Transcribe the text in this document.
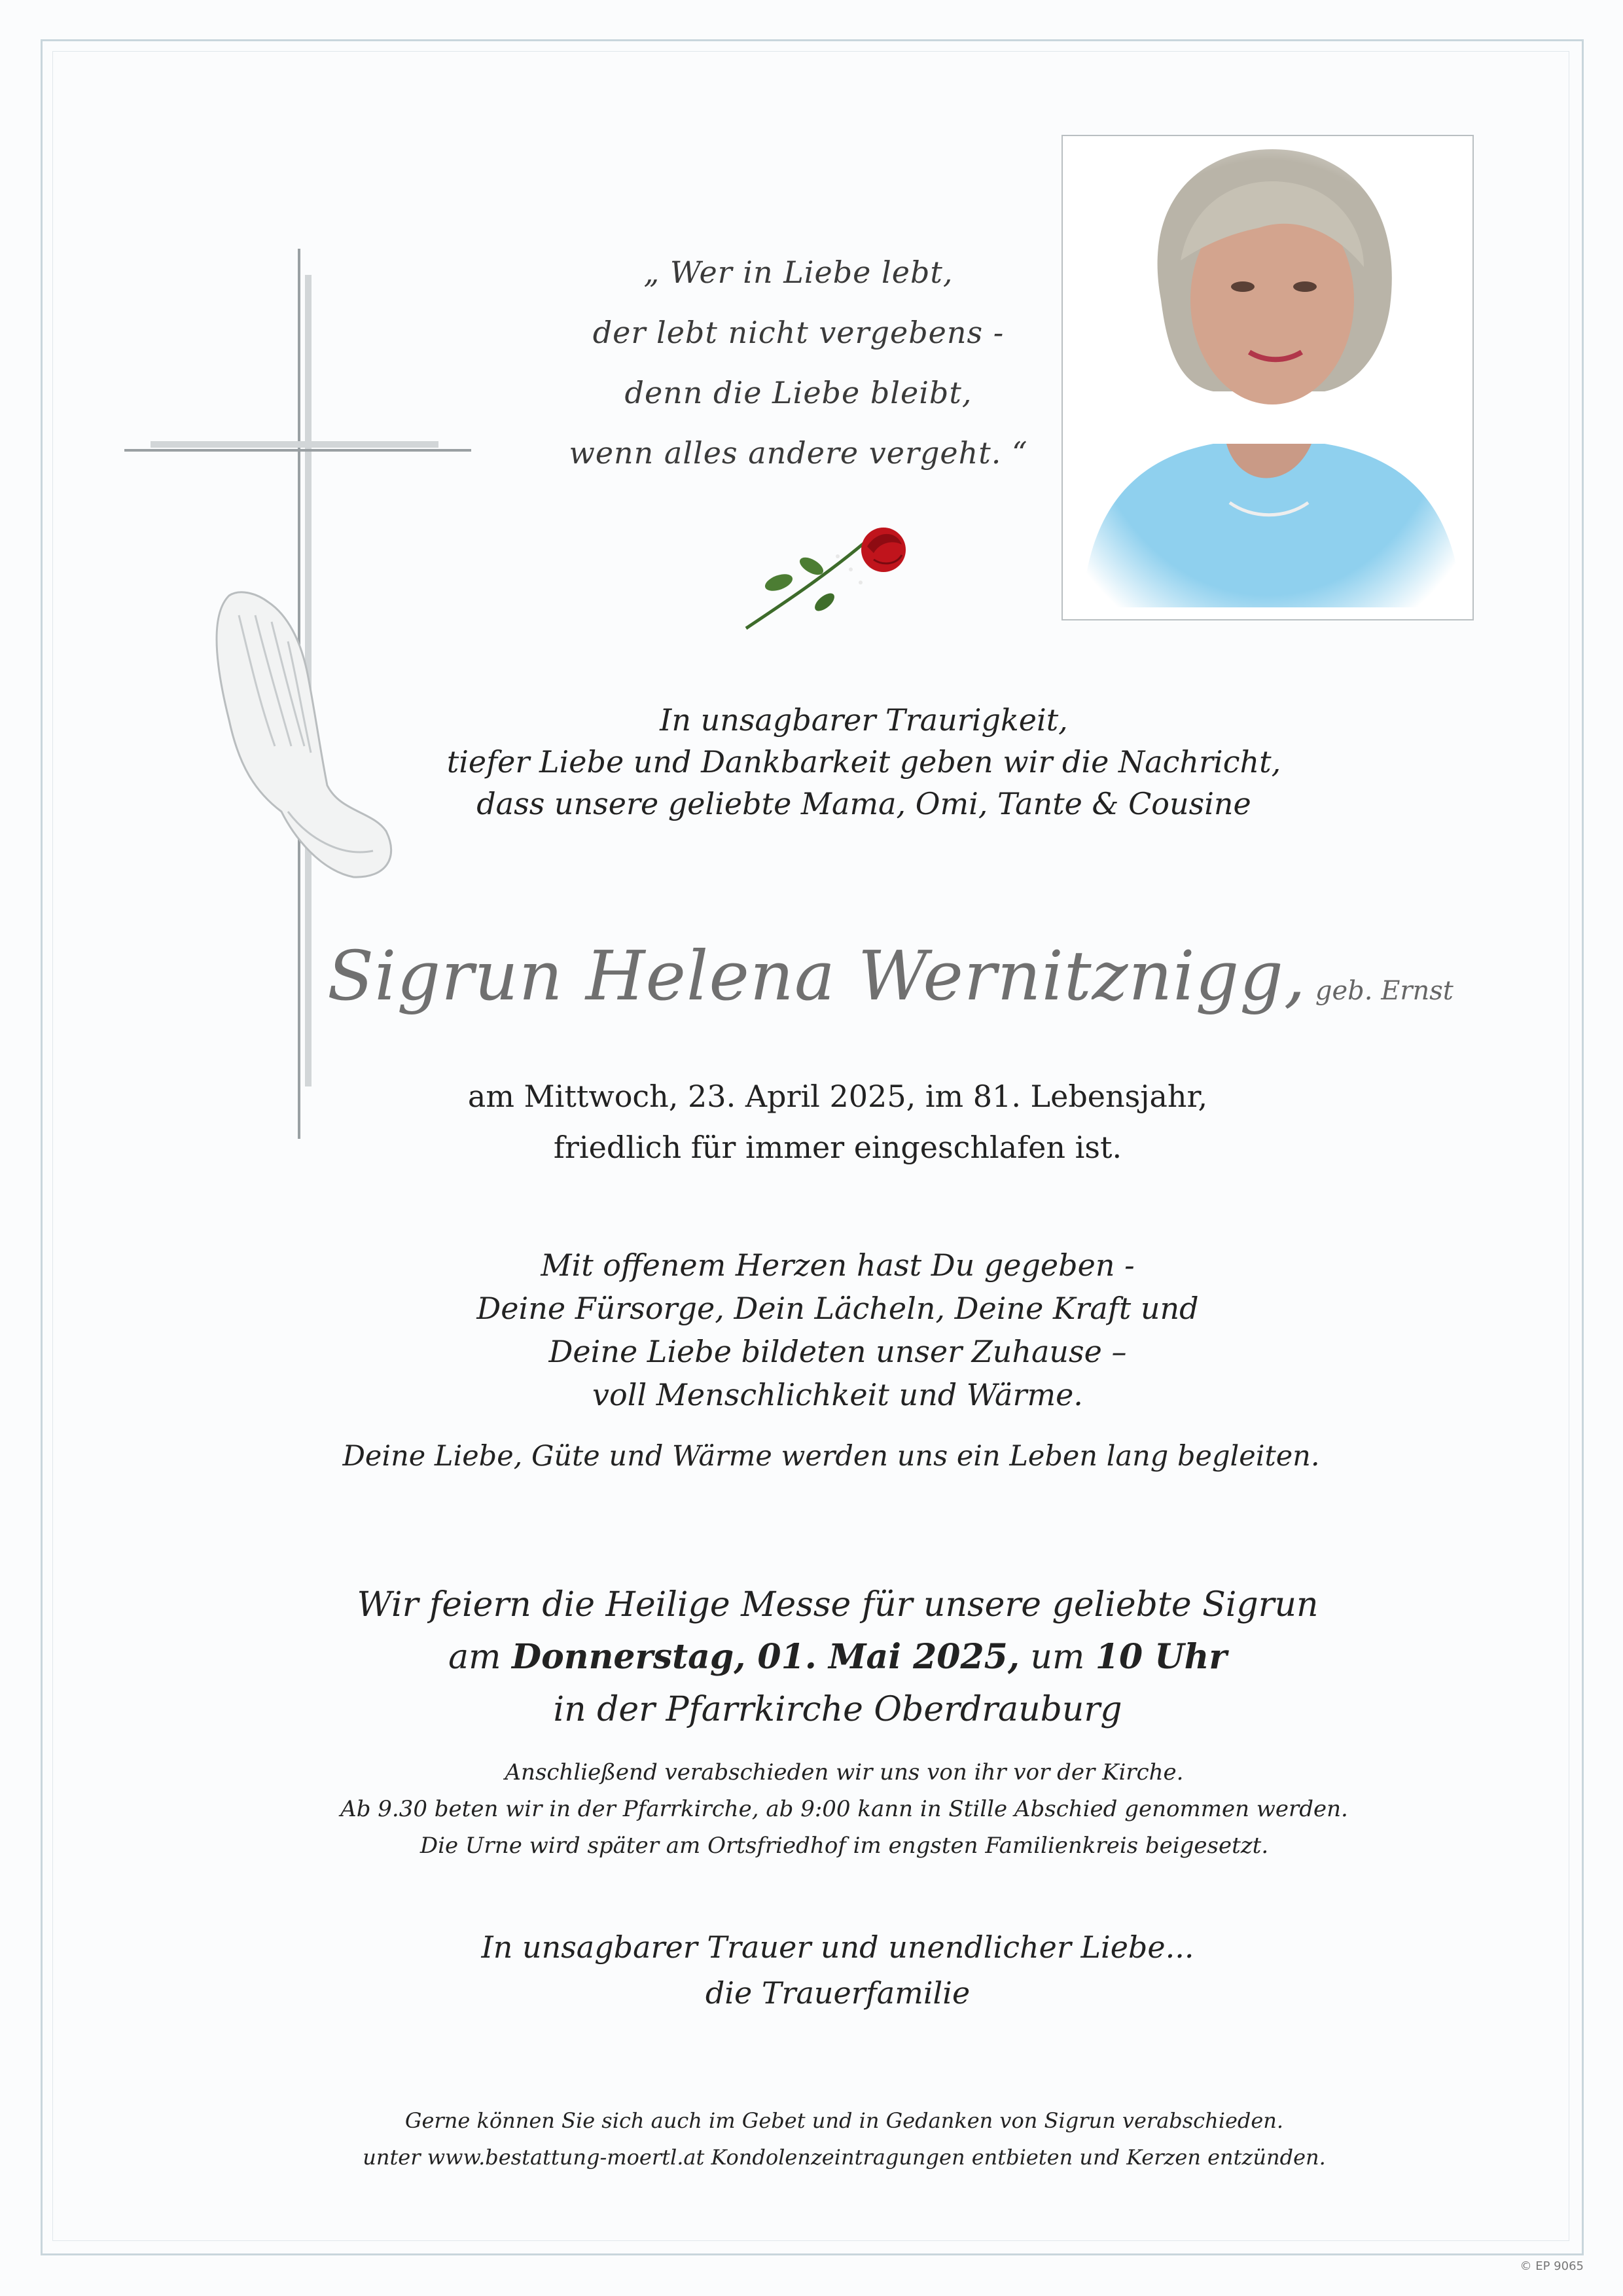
„ Wer in Liebe lebt,
der lebt nicht vergebens -
denn die Liebe bleibt,
wenn alles andere vergeht. “
In unsagbarer Traurigkeit,
tiefer Liebe und Dankbarkeit geben wir die Nachricht,
dass unsere geliebte Mama, Omi, Tante & Cousine
Sigrun Helena Wernitznigg, geb. Ernst
am Mittwoch, 23. April 2025, im 81. Lebensjahr,
friedlich für immer eingeschlafen ist.
Mit offenem Herzen hast Du gegeben -
Deine Fürsorge, Dein Lächeln, Deine Kraft und
Deine Liebe bildeten unser Zuhause –
voll Menschlichkeit und Wärme.
Deine Liebe, Güte und Wärme werden uns ein Leben lang begleiten.
Wir feiern die Heilige Messe für unsere geliebte Sigrun
am Donnerstag, 01. Mai 2025, um 10 Uhr
in der Pfarrkirche Oberdrauburg
Anschließend verabschieden wir uns von ihr vor der Kirche.
Ab 9.30 beten wir in der Pfarrkirche, ab 9:00 kann in Stille Abschied genommen werden.
Die Urne wird später am Ortsfriedhof im engsten Familienkreis beigesetzt.
In unsagbarer Trauer und unendlicher Liebe...
die Trauerfamilie
Gerne können Sie sich auch im Gebet und in Gedanken von Sigrun verabschieden.
unter www.bestattung-moertl.at Kondolenzeintragungen entbieten und Kerzen entzünden.
© EP 9065
